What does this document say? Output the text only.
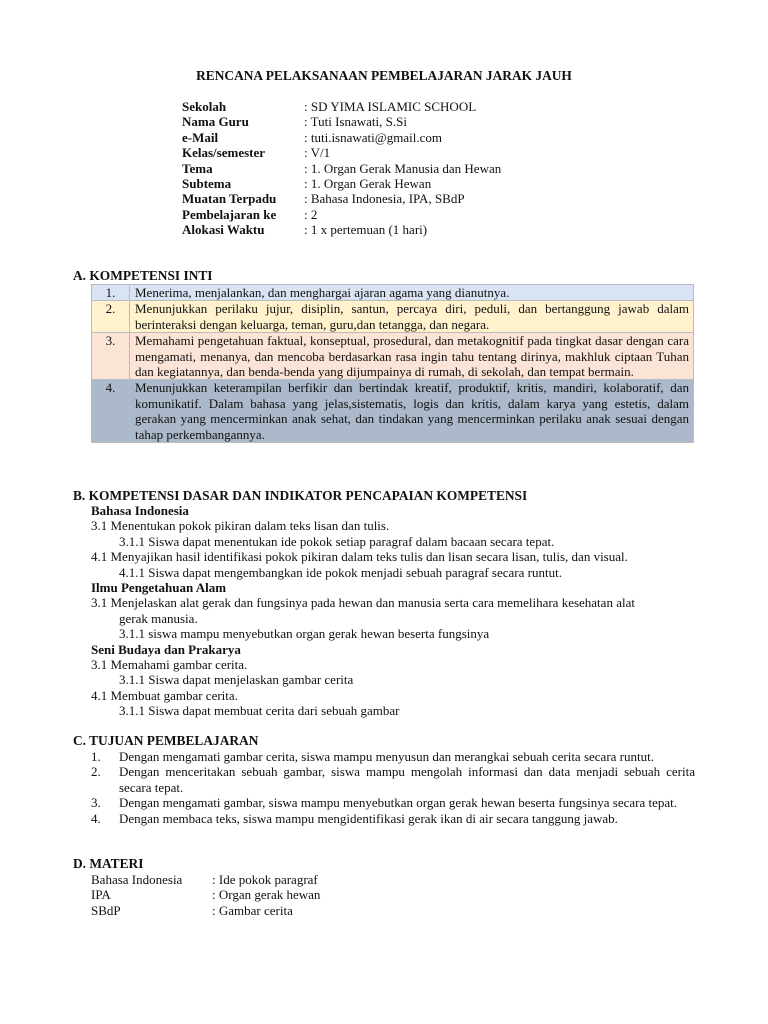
RENCANA PELAKSANAAN PEMBELAJARAN JARAK JAUH
Sekolah	: SD YIMA ISLAMIC SCHOOL
Nama Guru	: Tuti Isnawati, S.Si
e-Mail	: tuti.isnawati@gmail.com
Kelas/semester	: V/1
Tema	: 1. Organ Gerak Manusia dan Hewan
Subtema	: 1. Organ Gerak Hewan
Muatan Terpadu	: Bahasa Indonesia, IPA, SBdP
Pembelajaran ke	: 2
Alokasi Waktu	: 1 x pertemuan (1 hari)
A. KOMPETENSI INTI
1.	Menerima, menjalankan, dan menghargai ajaran agama yang dianutnya.
2.	Menunjukkan perilaku jujur, disiplin, santun, percaya diri, peduli, dan bertanggung jawab dalam berinteraksi dengan keluarga, teman, guru,dan tetangga, dan negara.
3.	Memahami pengetahuan faktual, konseptual, prosedural, dan metakognitif pada tingkat dasar dengan cara mengamati, menanya, dan mencoba berdasarkan rasa ingin tahu tentang dirinya, makhluk ciptaan Tuhan dan kegiatannya, dan benda-benda yang dijumpainya di rumah, di sekolah, dan tempat bermain.
4.	Menunjukkan keterampilan berfikir dan bertindak kreatif, produktif, kritis, mandiri, kolaboratif, dan komunikatif. Dalam bahasa yang jelas,sistematis, logis dan kritis, dalam karya yang estetis, dalam gerakan yang mencerminkan anak sehat, dan tindakan yang mencerminkan perilaku anak sesuai dengan tahap perkembangannya.
B. KOMPETENSI DASAR DAN INDIKATOR PENCAPAIAN KOMPETENSI
Bahasa Indonesia
3.1 Menentukan pokok pikiran dalam teks lisan dan tulis.
3.1.1 Siswa dapat menentukan ide pokok setiap paragraf dalam bacaan secara tepat.
4.1 Menyajikan hasil identifikasi pokok pikiran dalam teks tulis dan lisan secara lisan, tulis, dan visual.
4.1.1 Siswa dapat mengembangkan ide pokok menjadi sebuah paragraf secara runtut.
Ilmu Pengetahuan Alam
3.1 Menjelaskan alat gerak dan fungsinya pada hewan dan manusia serta cara memelihara kesehatan alat
gerak manusia.
3.1.1 siswa mampu menyebutkan organ gerak hewan beserta fungsinya
Seni Budaya dan Prakarya
3.1 Memahami gambar cerita.
3.1.1 Siswa dapat menjelaskan gambar cerita
4.1 Membuat gambar cerita.
3.1.1 Siswa dapat membuat cerita dari sebuah gambar
C. TUJUAN PEMBELAJARAN
1.	Dengan mengamati gambar cerita, siswa mampu menyusun dan merangkai sebuah cerita secara runtut.
2.	Dengan menceritakan sebuah gambar, siswa mampu mengolah informasi dan data menjadi sebuah cerita secara tepat.
3.	Dengan mengamati gambar, siswa mampu menyebutkan organ gerak hewan beserta fungsinya secara tepat.
4.	Dengan membaca teks, siswa mampu mengidentifikasi gerak ikan di air secara tanggung jawab.
D. MATERI
Bahasa Indonesia	: Ide pokok paragraf
IPA	: Organ gerak hewan
SBdP	: Gambar cerita
